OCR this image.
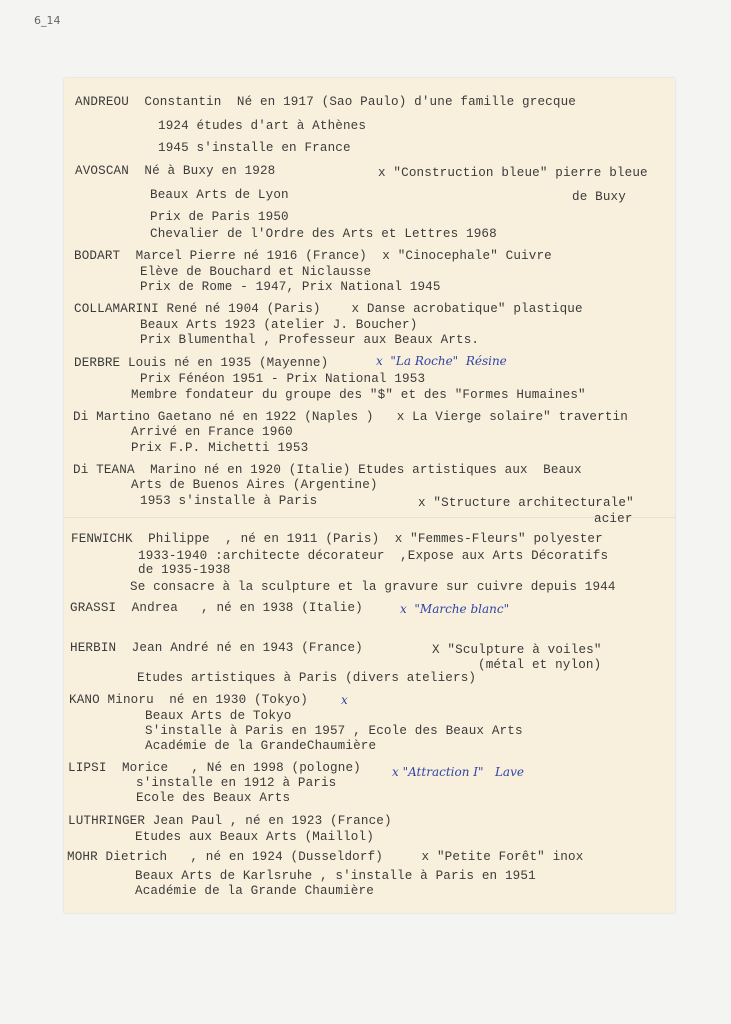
6_14
ANDREOU  Constantin  Né en 1917 (Sao Paulo) d'une famille grecque
1924 études d'art à Athènes
1945 s'installe en France
AVOSCAN  Né à Buxy en 1928	x "Construction bleue" pierre bleue
Beaux Arts de Lyon	de Buxy
Prix de Paris 1950
Chevalier de l'Ordre des Arts et Lettres 1968
BODART  Marcel Pierre né 1916 (France)  x "Cinocephale" Cuivre
Elève de Bouchard et Niclausse
Prix de Rome - 1947, Prix National 1945
COLLAMARINI René né 1904 (Paris)    x Danse acrobatique" plastique
Beaux Arts 1923 (atelier J. Boucher)
Prix Blumenthal , Professeur aux Beaux Arts.
DERBRE Louis né en 1935 (Mayenne)	x  "La Roche"  Résine
Prix Fénéon 1951 - Prix National 1953
Membre fondateur du groupe des "$" et des "Formes Humaines"
Di Martino Gaetano né en 1922 (Naples )   x La Vierge solaire" travertin
Arrivé en France 1960
Prix F.P. Michetti 1953
Di TEANA  Marino né en 1920 (Italie) Etudes artistiques aux  Beaux
Arts de Buenos Aires (Argentine)
1953 s'installe à Paris	x "Structure architecturale"
acier
FENWICHK  Philippe  , né en 1911 (Paris)  x "Femmes-Fleurs" polyester
1933-1940 :architecte décorateur  ,Expose aux Arts Décoratifs
de 1935-1938
Se consacre à la sculpture et la gravure sur cuivre depuis 1944
GRASSI  Andrea   , né en 1938 (Italie)	x  "Marche blanc"
HERBIN  Jean André né en 1943 (France)	X "Sculpture à voiles"
(métal et nylon)
Etudes artistiques à Paris (divers ateliers)
KANO Minoru  né en 1930 (Tokyo)	x
Beaux Arts de Tokyo
S'installe à Paris en 1957 , Ecole des Beaux Arts
Académie de la GrandeChaumière
LIPSI  Morice   , Né en 1998 (pologne)	x "Attraction I"   Lave
s'installe en 1912 à Paris
Ecole des Beaux Arts
LUTHRINGER Jean Paul , né en 1923 (France)
Etudes aux Beaux Arts (Maillol)
MOHR Dietrich   , né en 1924 (Dusseldorf)     x "Petite Forêt" inox
Beaux Arts de Karlsruhe , s'installe à Paris en 1951
Académie de la Grande Chaumière
